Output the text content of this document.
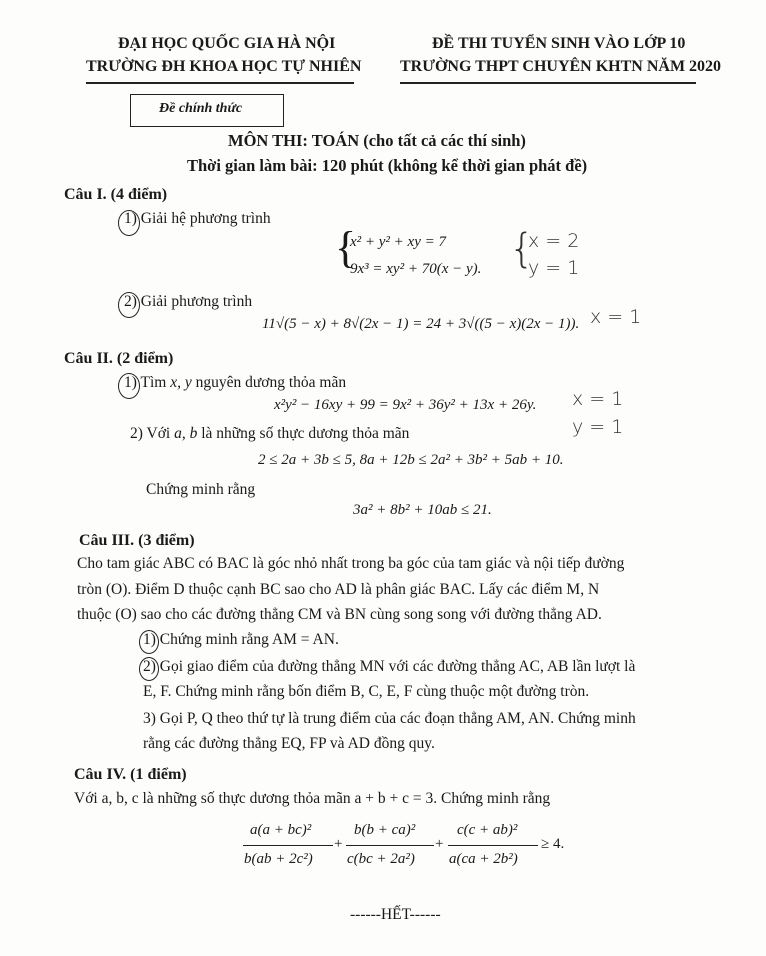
ĐẠI HỌC QUỐC GIA HÀ NỘI
TRƯỜNG ĐH KHOA HỌC TỰ NHIÊN
ĐỀ THI TUYỂN SINH VÀO LỚP 10
TRƯỜNG THPT CHUYÊN KHTN NĂM 2020
Đề chính thức
MÔN THI: TOÁN (cho tất cả các thí sinh)
Thời gian làm bài: 120 phút (không kể thời gian phát đề)
Câu I. (4 điểm)
1) Giải hệ phương trình
{
x² + y² + xy = 7
9x³ = xy² + 70(x − y). {
x = 2
y = 1
2) Giải phương trình
11√(5 − x) + 8√(2x − 1) = 24 + 3√((5 − x)(2x − 1)). x = 1
Câu II. (2 điểm)
1) Tìm x, y nguyên dương thỏa mãn
x²y² − 16xy + 99 = 9x² + 36y² + 13x + 26y. x = 1
y = 1
2) Với a, b là những số thực dương thỏa mãn
2 ≤ 2a + 3b ≤ 5, 8a + 12b ≤ 2a² + 3b² + 5ab + 10.
Chứng minh rằng
3a² + 8b² + 10ab ≤ 21.
Câu III. (3 điểm)
Cho tam giác ABC có BAC là góc nhỏ nhất trong ba góc của tam giác và nội tiếp đường
tròn (O). Điểm D thuộc cạnh BC sao cho AD là phân giác BAC. Lấy các điểm M, N
thuộc (O) sao cho các đường thẳng CM và BN cùng song song với đường thẳng AD.
1) Chứng minh rằng AM = AN.
2) Gọi giao điểm của đường thẳng MN với các đường thẳng AC, AB lần lượt là
E, F. Chứng minh rằng bốn điểm B, C, E, F cùng thuộc một đường tròn.
3) Gọi P, Q theo thứ tự là trung điểm của các đoạn thẳng AM, AN. Chứng minh
rằng các đường thẳng EQ, FP và AD đồng quy.
Câu IV. (1 điểm)
Với a, b, c là những số thực dương thỏa mãn a + b + c = 3. Chứng minh rằng
a(a + bc)²
b(ab + 2c²)
+
b(b + ca)²
c(bc + 2a²)
+
c(c + ab)²
a(ca + 2b²)
≥ 4.
------HẾT------
